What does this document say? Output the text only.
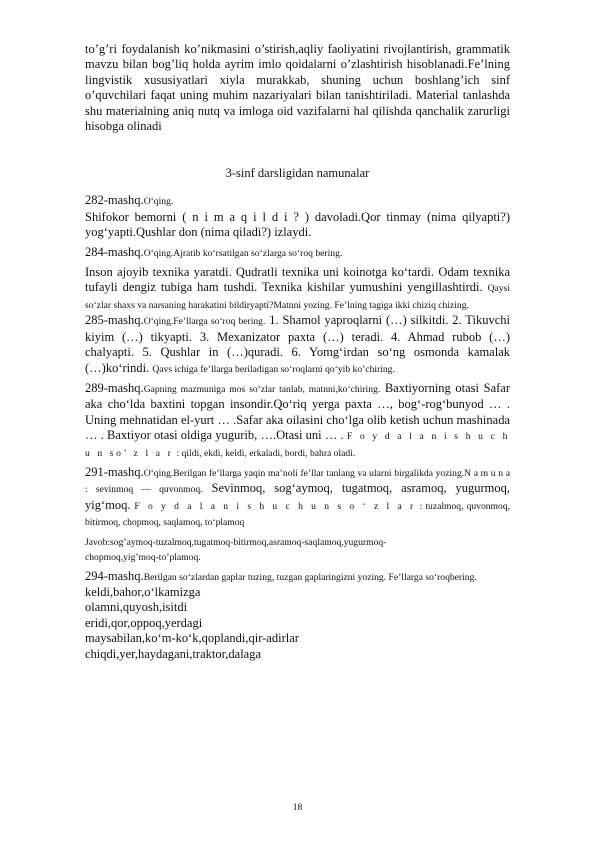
to’g’ri foydalanish ko’nikmasini o’stirish,aqliy faoliyatini rivojlantirish, grammatik mavzu bilan bog’liq holda ayrim imlo qoidalarni o’zlashtirish hisoblanadi.Fe’lning lingvistik xususiyatlari xiyla murakkab, shuning uchun boshlang’ich sinf o’quvchilari faqat uning muhim nazariyalari bilan tanishtiriladi. Material tanlashda shu materialning aniq nutq va imloga oid vazifalarni hal qilishda qanchalik zarurligi hisobga olinadi

3-sinf darsligidan namunalar

282-mashq.O‘qing.
Shifokor bemorni ( n i m a q i l d i ? ) davoladi.Qor tinmay (nima qilyapti?) yog‘yapti.Qushlar don (nima qiladi?) izlaydi.

284-mashq.O‘qing.Ajratib ko‘rsatilgan so‘zlarga so‘roq bering.

Inson ajoyib texnika yaratdi. Qudratli texnika uni koinotga ko‘tardi. Odam texnika tufayli dengiz tubiga ham tushdi. Texnika kishilar yumushini yengillashtirdi. Qaysi so‘zlar shaxs va narsaning harakatini bildiryapti?Matnni yozing. Fe’lning tagiga ikki chiziq chizing.

285-mashq.O‘qing.Fe’llarga so‘roq bering. 1. Shamol yaproqlarni (…) silkitdi. 2. Tikuvchi kiyim (…) tikyapti. 3. Mexanizator paxta (…) teradi. 4. Ahmad rubob (…) chalyapti. 5. Qushlar in (…)quradi. 6. Yomg‘irdan so‘ng osmonda kamalak (…)ko‘rindi. Qavs ichiga fe’llarga beriladigan so‘roqlarni qo‘yib ko’chiring.

289-mashq.Gapning mazmuniga mos so‘zlar tanlab, matnni,ko‘chiring. Baxtiyorning otasi Safar aka cho‘lda baxtini topgan insondir.Qo‘riq yerga paxta …, bog‘-rog‘bunyod … . Uning mehnatidan el-yurt … .Safar aka oilasini cho‘lga olib ketish uchun mashinada … . Baxtiyor otasi oldiga yugurib, ….Otasi uni … . F o y d a l a n i s h u c h u n so’ z l a r : qildi, ekdi, keldi, erkaladi, bordi, bahra oladi.

291-mashq.O‘qing.Berilgan fe’llarga yaqin ma’noli fe’llar tanlang va ularni birgalikda yozing.N a m u n a : sevinmoq — quvonmoq. Sevinmoq, sog‘aymoq, tugatmoq, asramoq, yugurmoq, yig‘moq. F o y d a l a n i s h u c h u n s o ‘ z l a r : tuzalmoq, quvonmoq, bitirmoq, chopmoq, saqlamoq, to‘plamoq

Javob:sog’aymoq-tuzalmoq,tugatmoq-bitirmoq,asramoq-saqlamoq,yugurmoq-
chopmoq,yig’moq-to’plamoq.

294-mashq.Berilgan so‘zlardan gaplar tuzing, tuzgan gaplaringizni yozing. Fe’llarga so‘roqbering.

keldi,bahor,o‘lkamizga
olamni,quyosh,isitdi
eridi,qor,oppoq,yerdagi
maysabilan,ko‘m-ko‘k,qoplandi,qir-adirlar
chiqdi,yer,haydagani,traktor,dalaga
18
